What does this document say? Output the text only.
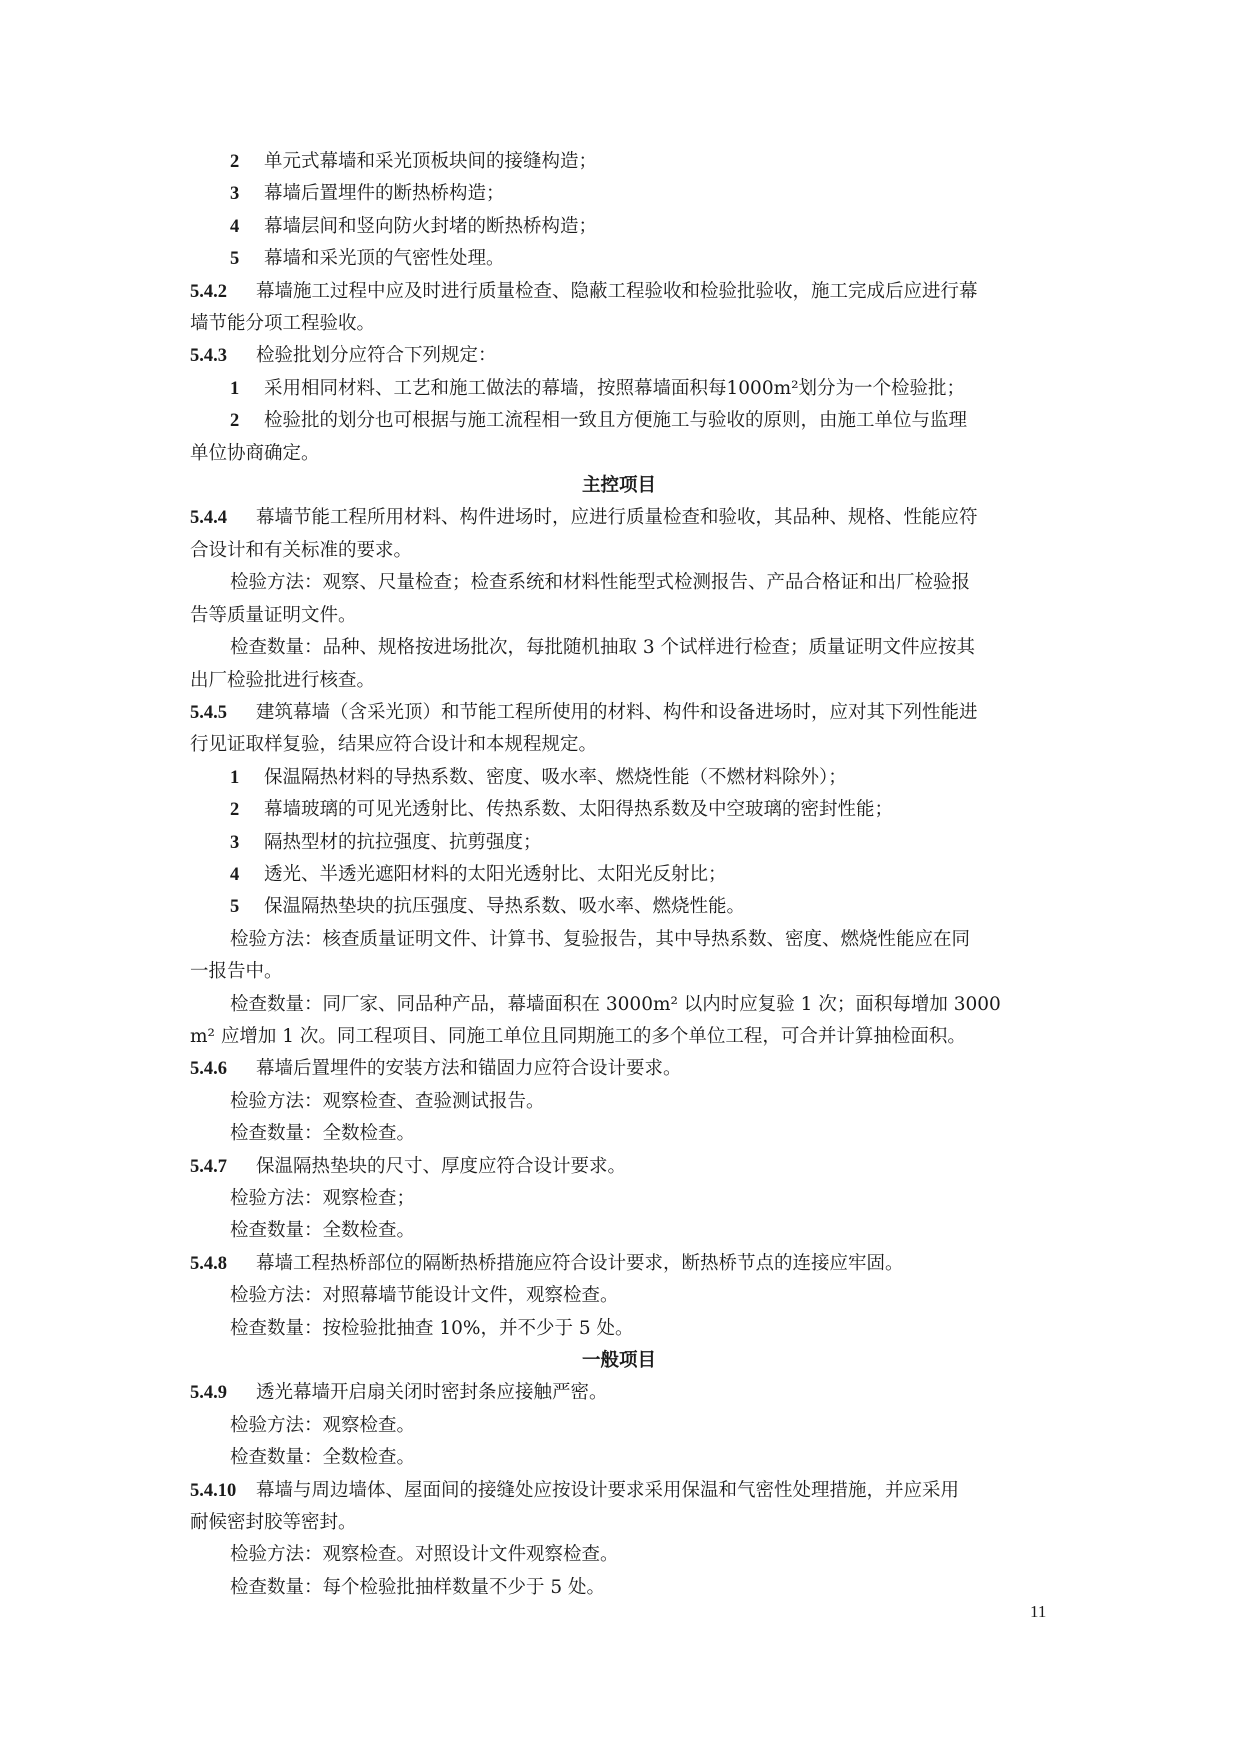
2 单元式幕墙和采光顶板块间的接缝构造；

3 幕墙后置埋件的断热桥构造；

4 幕墙层间和竖向防火封堵的断热桥构造；

5 幕墙和采光顶的气密性处理。

5.4.2 幕墙施工过程中应及时进行质量检查、隐蔽工程验收和检验批验收，施工完成后应进行幕

墙节能分项工程验收。

5.4.3 检验批划分应符合下列规定：

1 采用相同材料、工艺和施工做法的幕墙，按照幕墙面积每1000m²划分为一个检验批；

2 检验批的划分也可根据与施工流程相一致且方便施工与验收的原则，由施工单位与监理

单位协商确定。

主控项目

5.4.4 幕墙节能工程所用材料、构件进场时，应进行质量检查和验收，其品种、规格、性能应符

合设计和有关标准的要求。

检验方法：观察、尺量检查；检查系统和材料性能型式检测报告、产品合格证和出厂检验报

告等质量证明文件。

检查数量：品种、规格按进场批次，每批随机抽取 3 个试样进行检查；质量证明文件应按其

出厂检验批进行核查。

5.4.5 建筑幕墙（含采光顶）和节能工程所使用的材料、构件和设备进场时，应对其下列性能进

行见证取样复验，结果应符合设计和本规程规定。

1 保温隔热材料的导热系数、密度、吸水率、燃烧性能（不燃材料除外）；

2 幕墙玻璃的可见光透射比、传热系数、太阳得热系数及中空玻璃的密封性能；

3 隔热型材的抗拉强度、抗剪强度；

4 透光、半透光遮阳材料的太阳光透射比、太阳光反射比；

5 保温隔热垫块的抗压强度、导热系数、吸水率、燃烧性能。

检验方法：核查质量证明文件、计算书、复验报告，其中导热系数、密度、燃烧性能应在同

一报告中。

检查数量：同厂家、同品种产品，幕墙面积在 3000m² 以内时应复验 1 次；面积每增加 3000

m² 应增加 1 次。同工程项目、同施工单位且同期施工的多个单位工程，可合并计算抽检面积。

5.4.6 幕墙后置埋件的安装方法和锚固力应符合设计要求。

检验方法：观察检查、查验测试报告。

检查数量：全数检查。

5.4.7 保温隔热垫块的尺寸、厚度应符合设计要求。

检验方法：观察检查；

检查数量：全数检查。

5.4.8 幕墙工程热桥部位的隔断热桥措施应符合设计要求，断热桥节点的连接应牢固。

检验方法：对照幕墙节能设计文件，观察检查。

检查数量：按检验批抽查 10%，并不少于 5 处。

一般项目

5.4.9 透光幕墙开启扇关闭时密封条应接触严密。

检验方法：观察检查。

检查数量：全数检查。

5.4.10 幕墙与周边墙体、屋面间的接缝处应按设计要求采用保温和气密性处理措施，并应采用

耐候密封胶等密封。

检验方法：观察检查。对照设计文件观察检查。

检查数量：每个检验批抽样数量不少于 5 处。

11
